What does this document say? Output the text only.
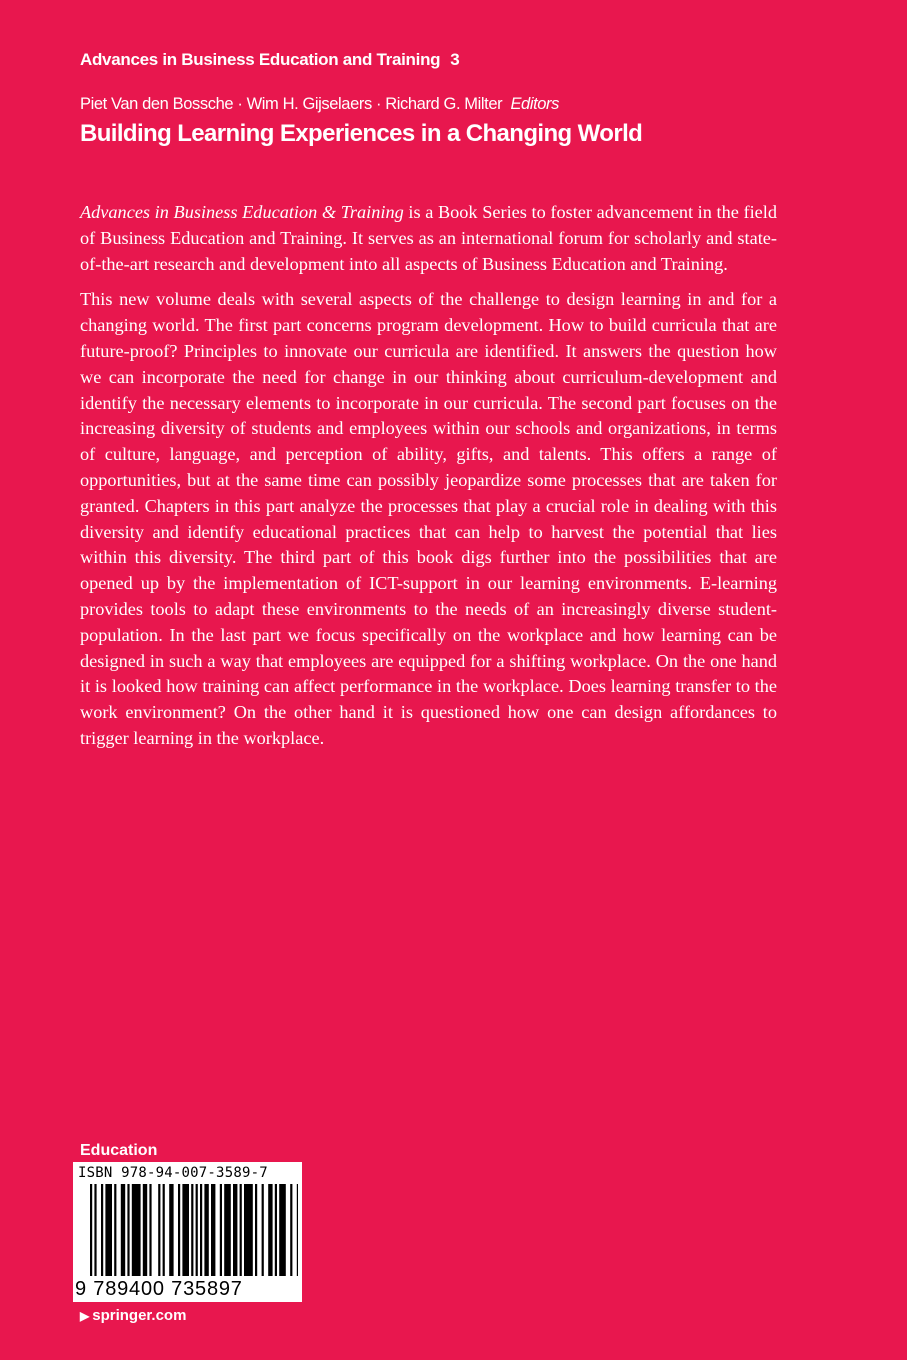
Advances in Business Education and Training 3
Piet Van den Bossche · Wim H. Gijselaers · Richard G. Milter Editors
Building Learning Experiences in a Changing World

Advances in Business Education & Training is a Book Series to foster advancement in the field of Business Education and Training. It serves as an international forum for scholarly and state-of-the-art research and development into all aspects of Business Education and Training.

This new volume deals with several aspects of the challenge to design learning in and for a changing world. The first part concerns program development. How to build curricula that are future-proof? Principles to innovate our curricula are identified. It answers the question how we can incorporate the need for change in our thinking about curriculum-development and identify the necessary elements to incorporate in our curricula. The second part focuses on the increasing diversity of students and employees within our schools and organizations, in terms of culture, language, and perception of ability, gifts, and talents. This offers a range of opportunities, but at the same time can possibly jeopardize some processes that are taken for granted. Chapters in this part analyze the processes that play a crucial role in dealing with this diversity and identify educational practices that can help to harvest the potential that lies within this diversity. The third part of this book digs further into the possibilities that are opened up by the implementation of ICT-support in our learning environments. E-learning provides tools to adapt these environments to the needs of an increasingly diverse student-population. In the last part we focus specifically on the workplace and how learning can be designed in such a way that employees are equipped for a shifting workplace. On the one hand it is looked how training can affect performance in the workplace. Does learning transfer to the work environment? On the other hand it is questioned how one can design affordances to trigger learning in the workplace.

Education
ISBN 978-94-007-3589-7
9 789400 735897
▶ springer.com
